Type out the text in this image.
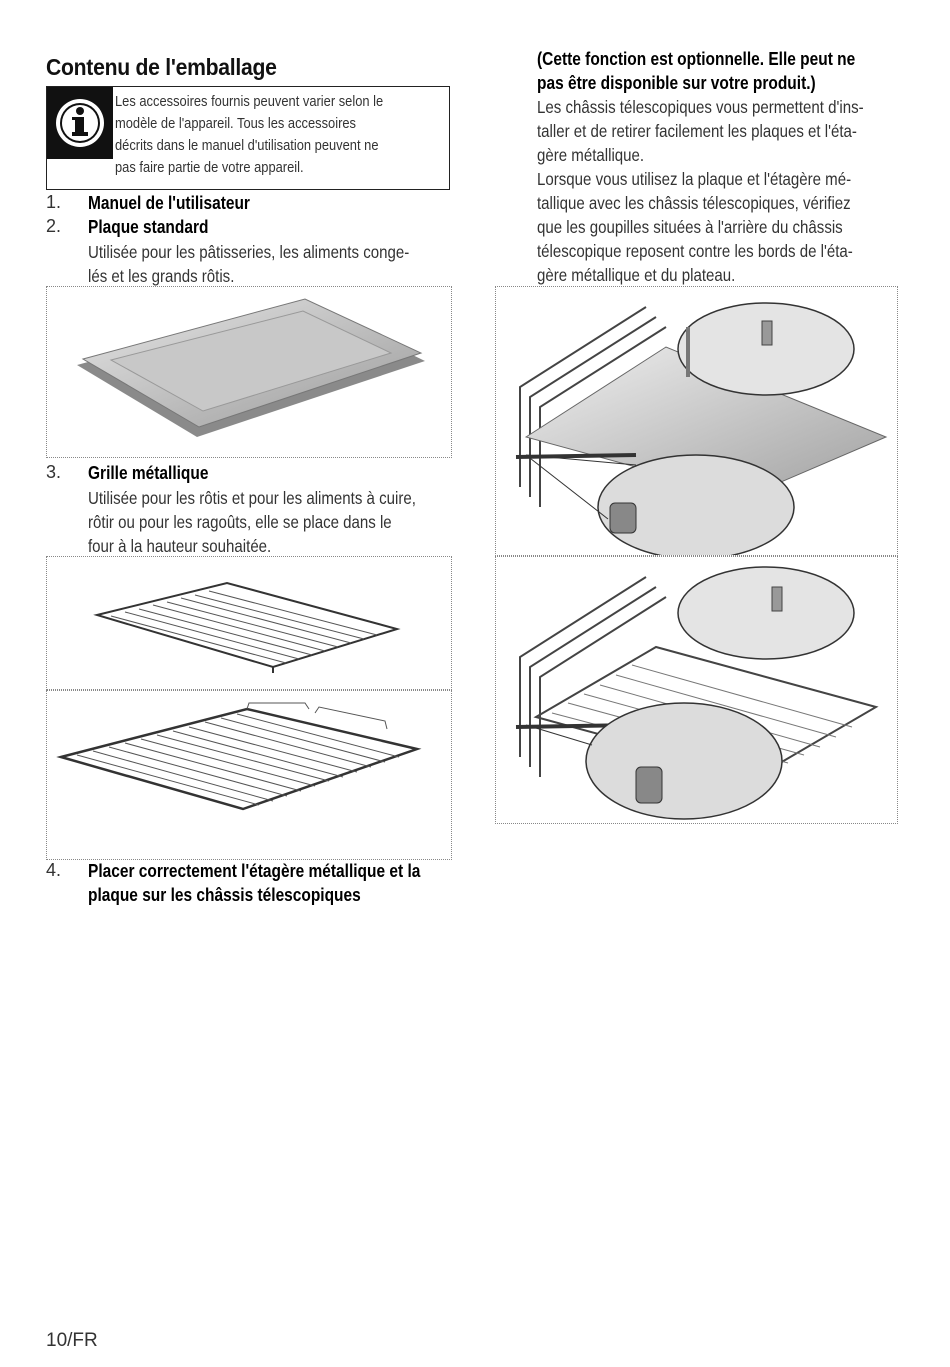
Contenu de l'emballage
Les accessoires fournis peuvent varier selon le
modèle de l'appareil. Tous les accessoires
décrits dans le manuel d'utilisation peuvent ne
pas faire partie de votre appareil.
1. Manuel de l'utilisateur
2. Plaque standard
Utilisée pour les pâtisseries, les aliments conge-
lés et les grands rôtis.
3. Grille métallique
Utilisée pour les rôtis et pour les aliments à cuire,
rôtir ou pour les ragoûts, elle se place dans le
four à la hauteur souhaitée.
4. Placer correctement l'étagère métallique et la
plaque sur les châssis télescopiques
(Cette fonction est optionnelle. Elle peut ne
pas être disponible sur votre produit.)
Les châssis télescopiques vous permettent d'ins-
taller et de retirer facilement les plaques et l'éta-
gère métallique.
Lorsque vous utilisez la plaque et l'étagère mé-
tallique avec les châssis télescopiques, vérifiez
que les goupilles situées à l'arrière du châssis
télescopique reposent contre les bords de l'éta-
gère métallique et du plateau.
10/FR
